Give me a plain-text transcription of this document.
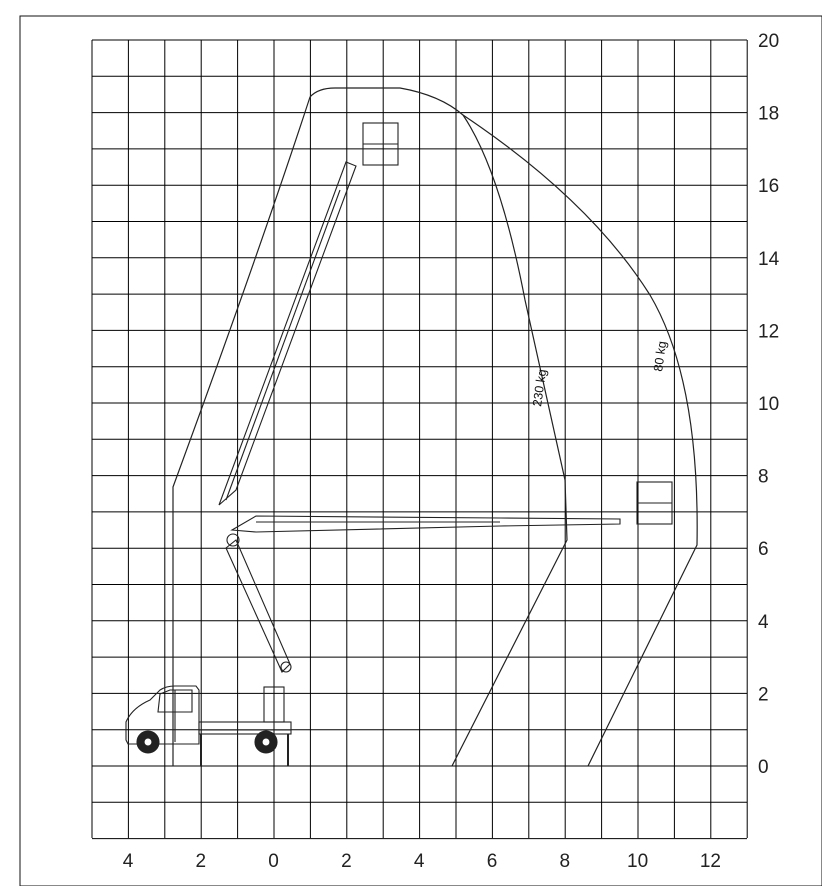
0
2
4
6
8
10
12
14
16
18
20
4	2	0	2	4	6	8	10	12
230 kg
80 kg
